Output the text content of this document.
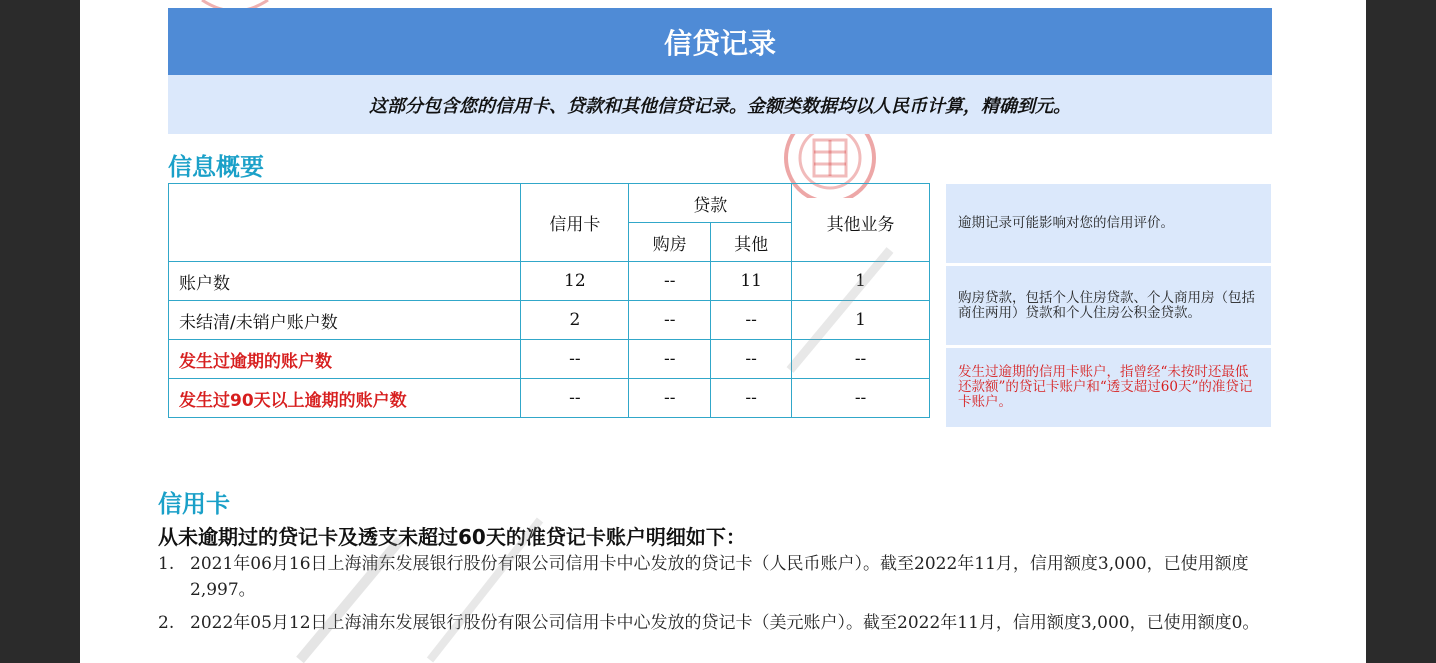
信贷记录
这部分包含您的信用卡、贷款和其他信贷记录。金额类数据均以人民币计算，精确到元。
信息概要
	信用卡	贷款		其他业务
		购房	其他	
账户数	12	--	11	1
未结清/未销户账户数	2	--	--	1
发生过逾期的账户数	--	--	--	--
发生过90天以上逾期的账户数	--	--	--	--
逾期记录可能影响对您的信用评价。
购房贷款，包括个人住房贷款、个人商用房（包括商住两用）贷款和个人住房公积金贷款。
发生过逾期的信用卡账户，指曾经“未按时还最低还款额”的贷记卡账户和“透支超过60天”的准贷记卡账户。
信用卡
从未逾期过的贷记卡及透支未超过60天的准贷记卡账户明细如下：
1. 2021年06月16日上海浦东发展银行股份有限公司信用卡中心发放的贷记卡（人民币账户）。截至2022年11月，信用额度3,000，已使用额度2,997。
2. 2022年05月12日上海浦东发展银行股份有限公司信用卡中心发放的贷记卡（美元账户）。截至2022年11月，信用额度3,000，已使用额度0。
